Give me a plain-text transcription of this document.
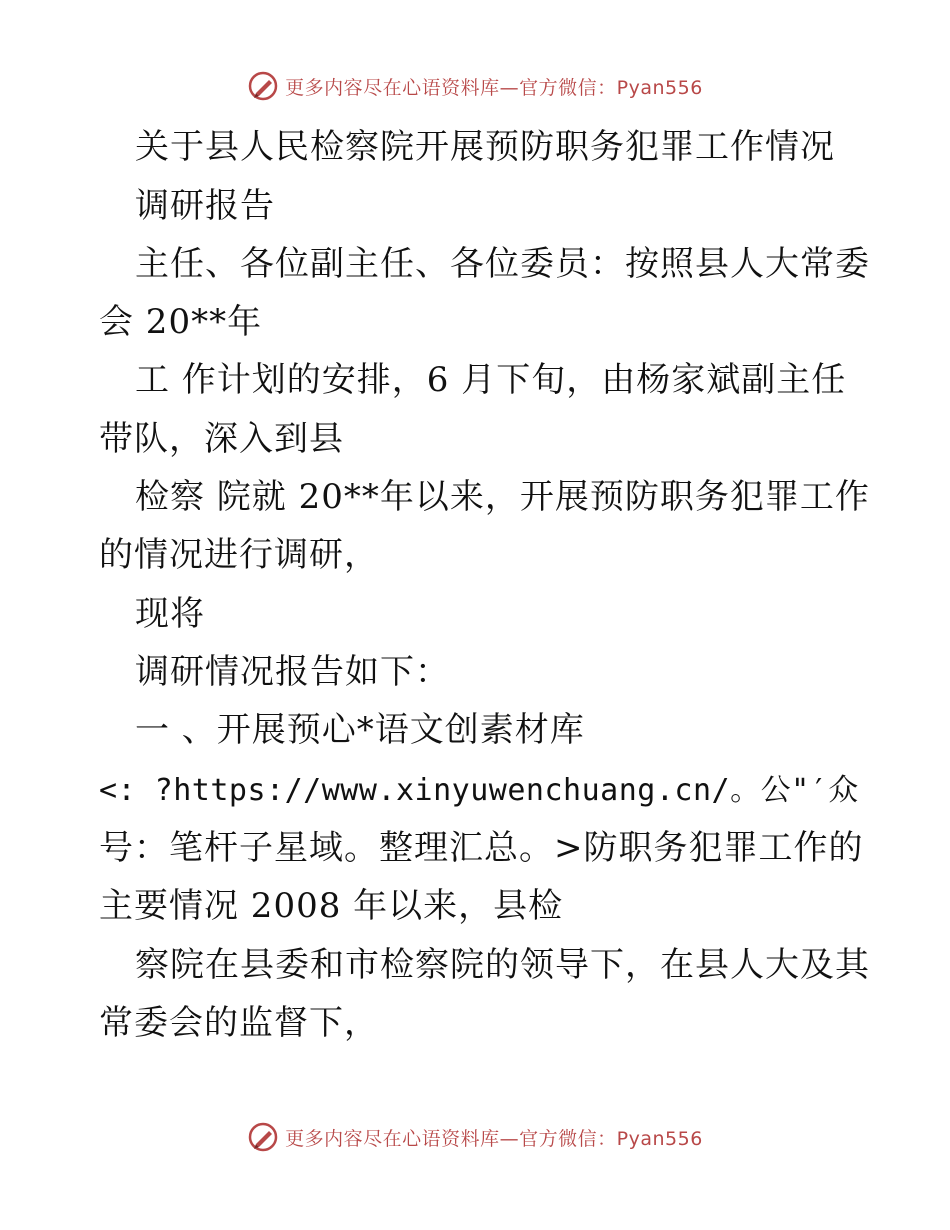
更多内容尽在心语资料库—官方微信：Pyan556
关于县人民检察院开展预防职务犯罪工作情况
调研报告
主任、各位副主任、各位委员：按照县人大常委
会 20**年
工 作计划的安排，6 月下旬，由杨家斌副主任
带队，深入到县
检察 院就 20**年以来，开展预防职务犯罪工作
的情况进行调研，
现将
调研情况报告如下：
一 、开展预心*语文创素材库
<: ?https://www.xinyuwenchuang.cn/。公"′众
号：笔杆子星域。整理汇总。>防职务犯罪工作的
主要情况 2008 年以来，县检
察院在县委和市检察院的领导下，在县人大及其
常委会的监督下，
更多内容尽在心语资料库—官方微信：Pyan556
